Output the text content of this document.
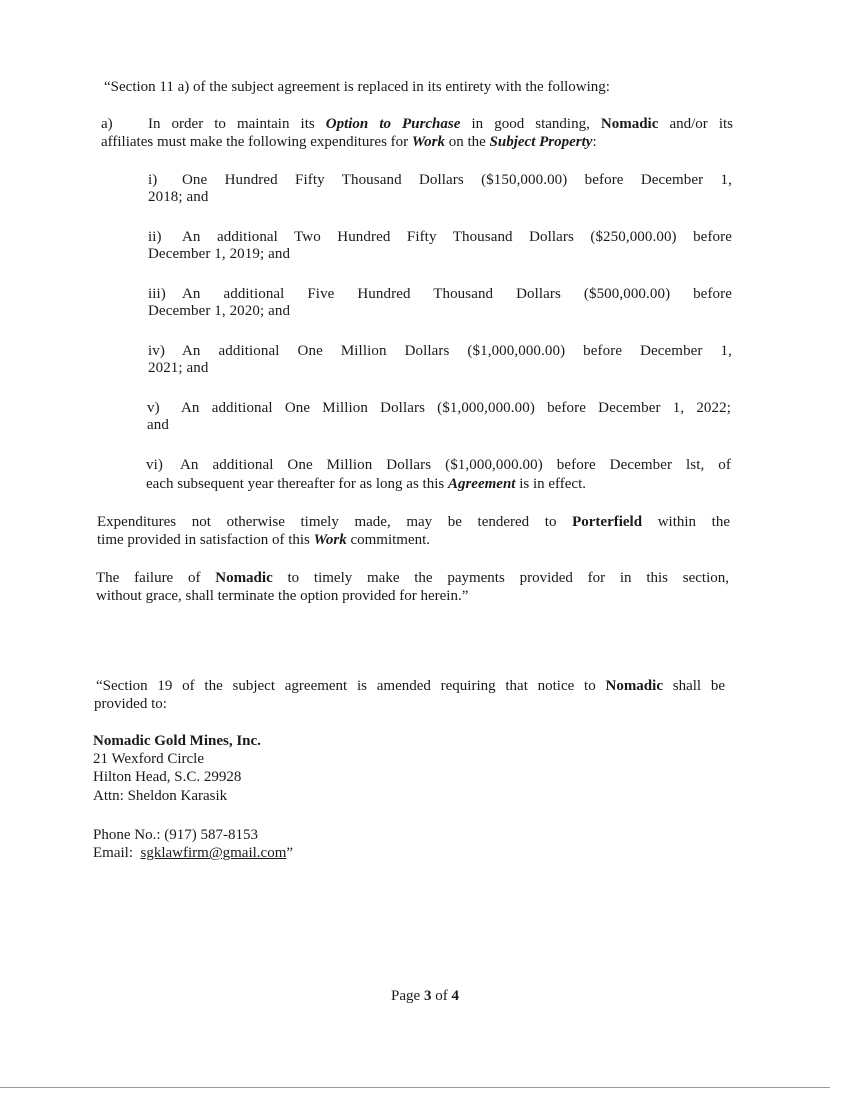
“Section 11 a) of the subject agreement is replaced in its entirety with the following:
a) In order to maintain its Option to Purchase in good standing, Nomadic and/or its
affiliates must make the following expenditures for Work on the Subject Property:
i) One Hundred Fifty Thousand Dollars ($150,000.00) before December 1,
2018; and
ii) An additional Two Hundred Fifty Thousand Dollars ($250,000.00) before
December 1, 2019; and
iii) An additional Five Hundred Thousand Dollars ($500,000.00) before
December 1, 2020; and
iv) An additional One Million Dollars ($1,000,000.00) before December 1,
2021; and
v) An additional One Million Dollars ($1,000,000.00) before December 1, 2022;
and
vi) An additional One Million Dollars ($1,000,000.00) before December lst, of
each subsequent year thereafter for as long as this Agreement is in effect.
Expenditures not otherwise timely made, may be tendered to Porterfield within the
time provided in satisfaction of this Work commitment.
The failure of Nomadic to timely make the payments provided for in this section,
without grace, shall terminate the option provided for herein.”
“Section 19 of the subject agreement is amended requiring that notice to Nomadic shall be
provided to:
Nomadic Gold Mines, Inc.
21 Wexford Circle
Hilton Head, S.C. 29928
Attn: Sheldon Karasik
Phone No.: (917) 587-8153
Email: sgklawfirm@gmail.com”
Page 3 of 4
